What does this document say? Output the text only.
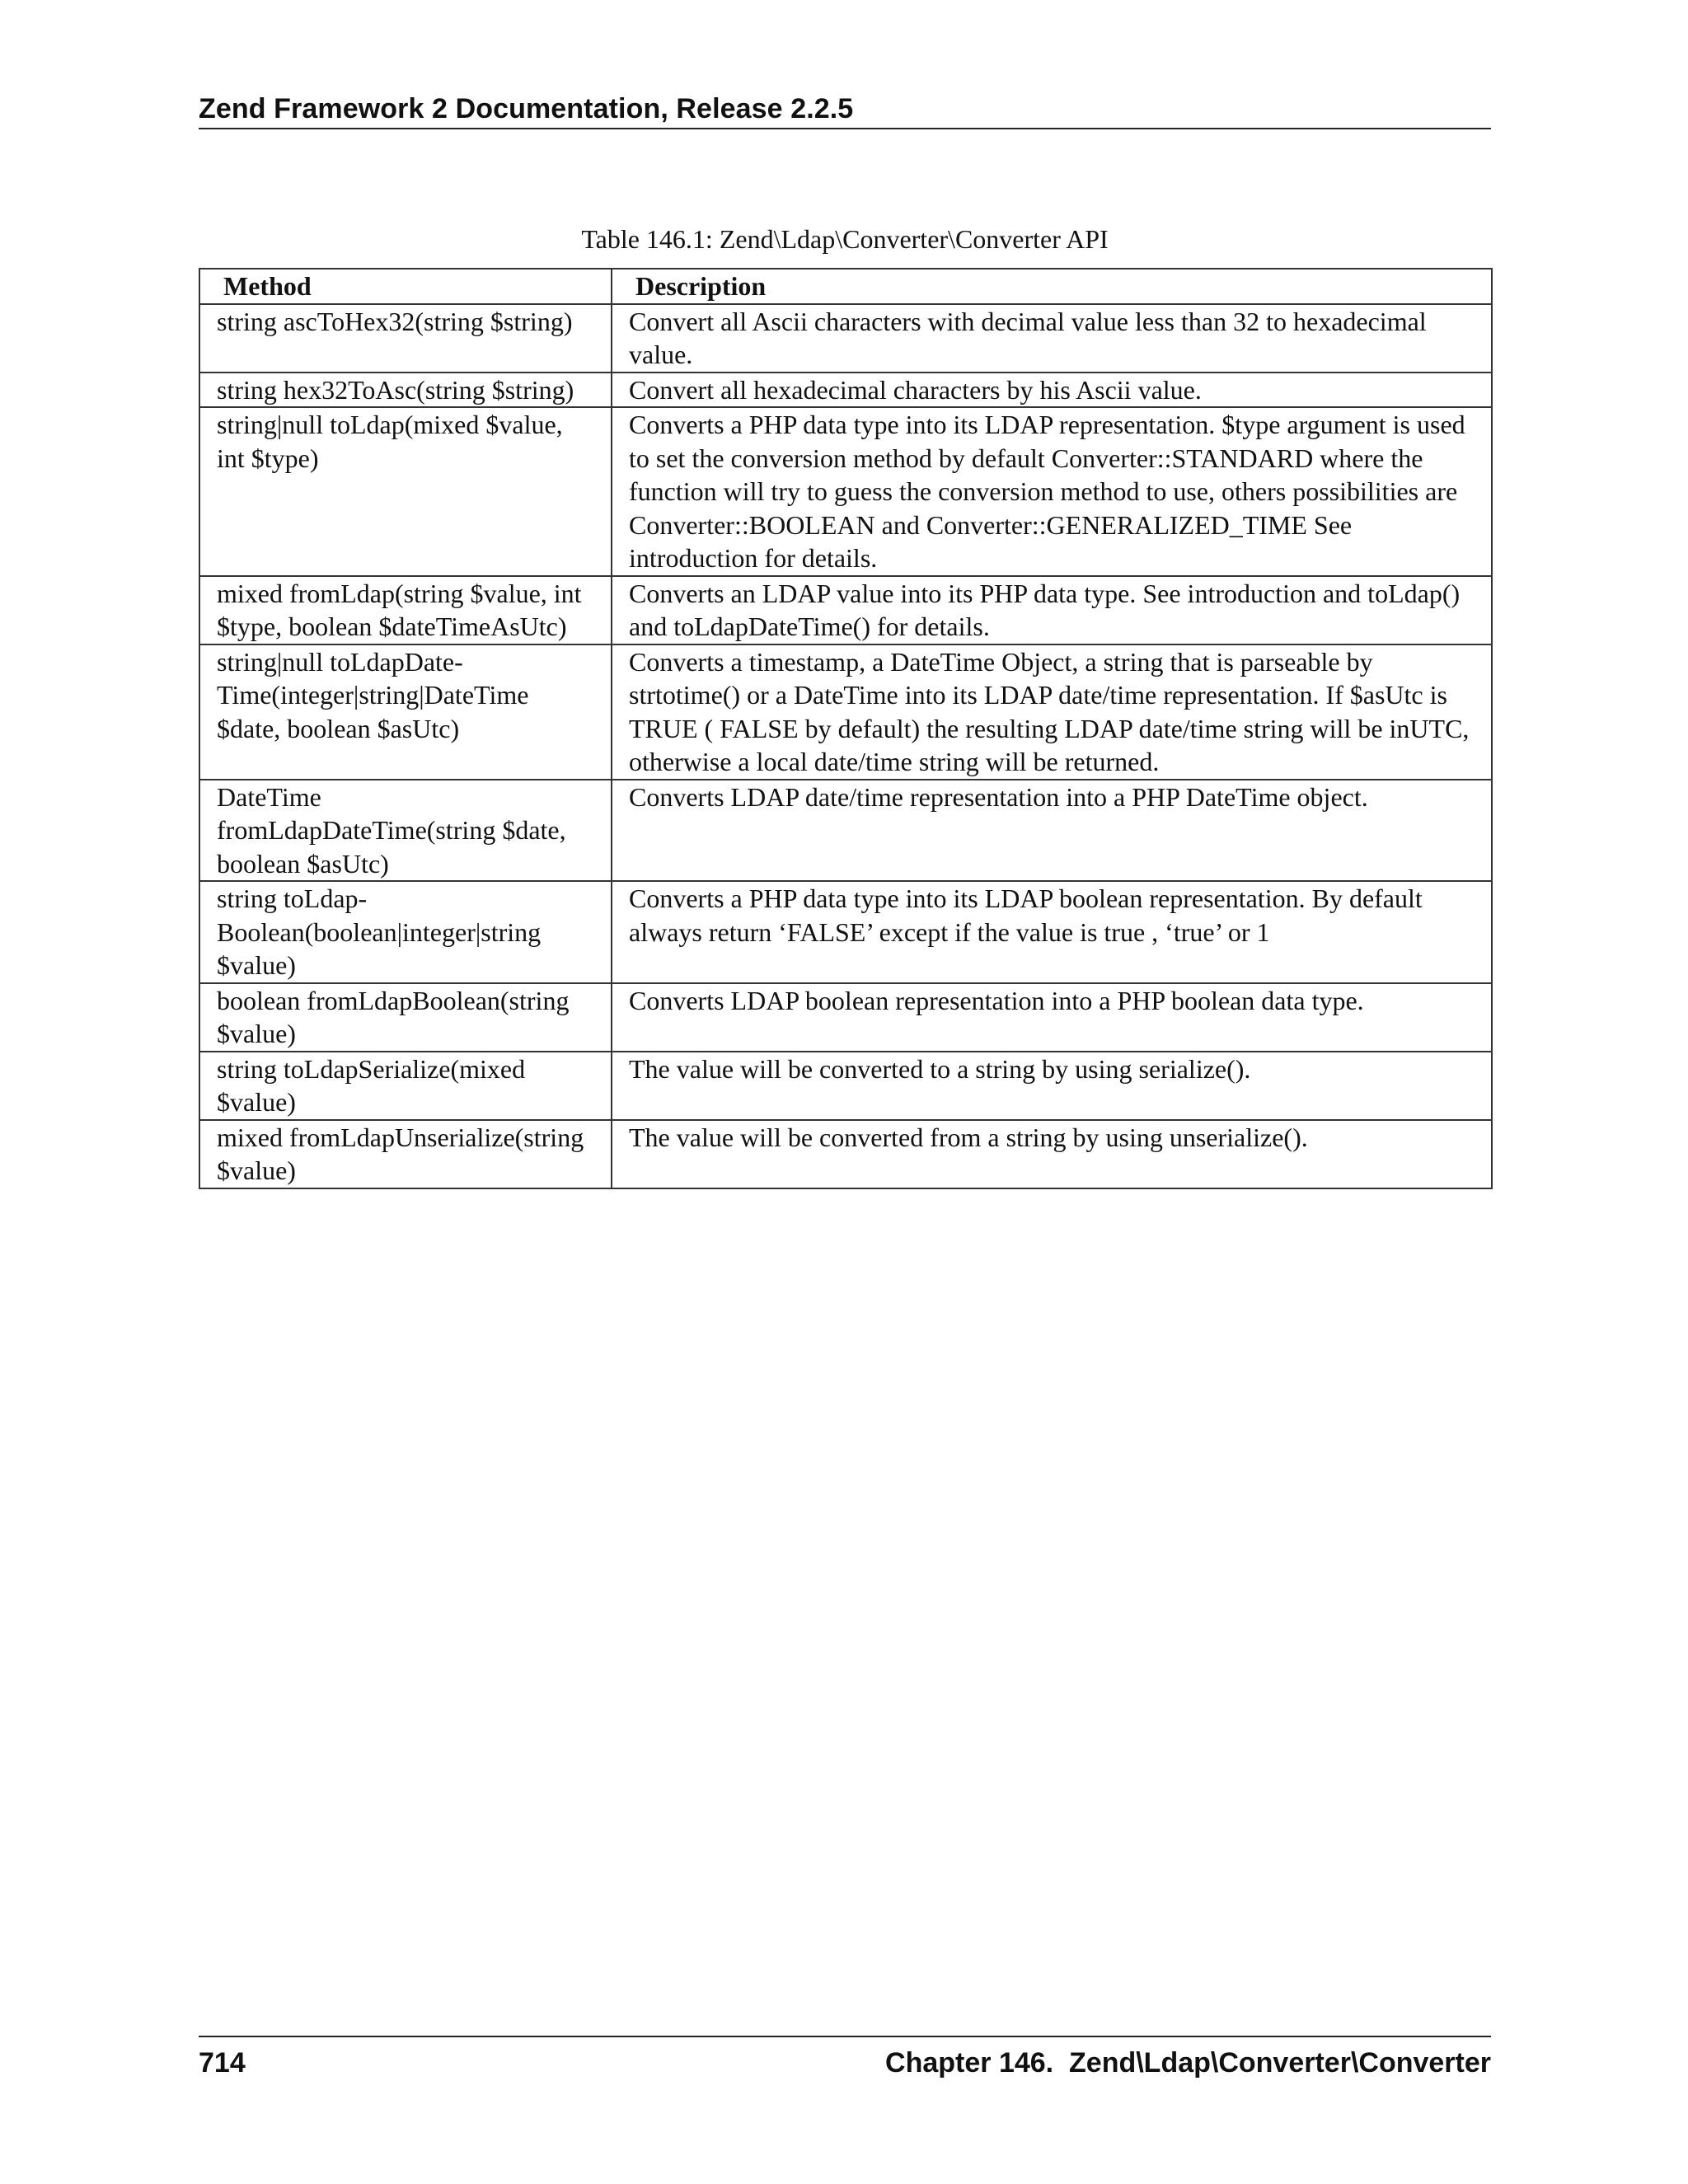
Zend Framework 2 Documentation, Release 2.2.5
Table 146.1: Zend\Ldap\Converter\Converter API
Method	Description
string ascToHex32(string $string)	Convert all Ascii characters with decimal value less than 32 to hexadecimal value.
string hex32ToAsc(string $string)	Convert all hexadecimal characters by his Ascii value.
string|null toLdap(mixed $value, int $type)	Converts a PHP data type into its LDAP representation. $type argument is used to set the conversion method by default Converter::STANDARD where the function will try to guess the conversion method to use, others possibilities are Converter::BOOLEAN and Converter::GENERALIZED_TIME See introduction for details.
mixed fromLdap(string $value, int $type, boolean $dateTimeAsUtc)	Converts an LDAP value into its PHP data type. See introduction and toLdap() and toLdapDateTime() for details.
string|null toLdapDate- Time(integer|string|DateTime $date, boolean $asUtc)	Converts a timestamp, a DateTime Object, a string that is parseable by strtotime() or a DateTime into its LDAP date/time representation. If $asUtc is TRUE ( FALSE by default) the resulting LDAP date/time string will be inUTC, otherwise a local date/time string will be returned.
DateTime fromLdapDateTime(string $date, boolean $asUtc)	Converts LDAP date/time representation into a PHP DateTime object.
string toLdap- Boolean(boolean|integer|string $value)	Converts a PHP data type into its LDAP boolean representation. By default always return ‘FALSE’ except if the value is true , ‘true’ or 1
boolean fromLdapBoolean(string $value)	Converts LDAP boolean representation into a PHP boolean data type.
string toLdapSerialize(mixed $value)	The value will be converted to a string by using serialize().
mixed fromLdapUnserialize(string $value)	The value will be converted from a string by using unserialize().
714	Chapter 146.  Zend\Ldap\Converter\Converter
